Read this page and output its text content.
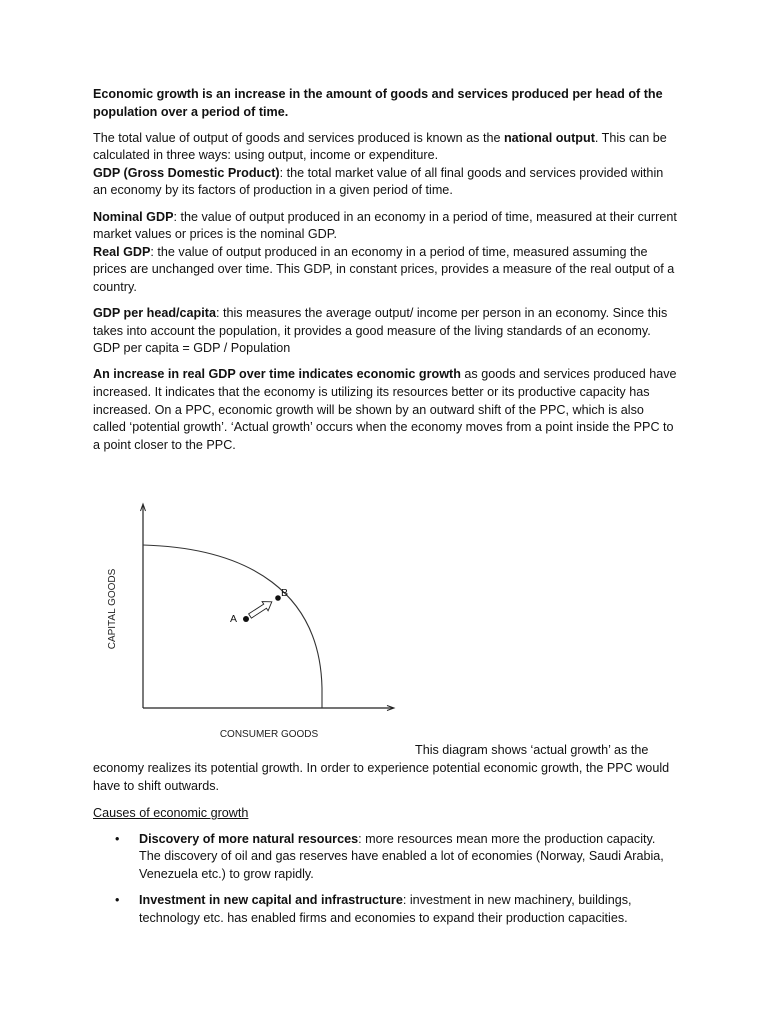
Economic growth is an increase in the amount of goods and services produced per head of the population over a period of time.

The total value of output of goods and services produced is known as the national output. This can be calculated in three ways: using output, income or expenditure.
GDP (Gross Domestic Product): the total market value of all final goods and services provided within an economy by its factors of production in a given period of time.

Nominal GDP: the value of output produced in an economy in a period of time, measured at their current market values or prices is the nominal GDP.
Real GDP: the value of output produced in an economy in a period of time, measured assuming the prices are unchanged over time. This GDP, in constant prices, provides a measure of the real output of a country.

GDP per head/capita: this measures the average output/ income per person in an economy. Since this takes into account the population, it provides a good measure of the living standards of an economy.
GDP per capita = GDP / Population

An increase in real GDP over time indicates economic growth as goods and services produced have increased. It indicates that the economy is utilizing its resources better or its productive capacity has increased. On a PPC, economic growth will be shown by an outward shift of the PPC, which is also called ‘potential growth’. ‘Actual growth’ occurs when the economy moves from a point inside the PPC to a point closer to the PPC.

A
B
CAPITAL GOODS
CONSUMER GOODS
This diagram shows ‘actual growth’ as the
economy realizes its potential growth. In order to experience potential economic growth, the PPC would have to shift outwards.
Causes of economic growth
• Discovery of more natural resources: more resources mean more the production capacity. The discovery of oil and gas reserves have enabled a lot of economies (Norway, Saudi Arabia, Venezuela etc.) to grow rapidly.
• Investment in new capital and infrastructure: investment in new machinery, buildings, technology etc. has enabled firms and economies to expand their production capacities.
